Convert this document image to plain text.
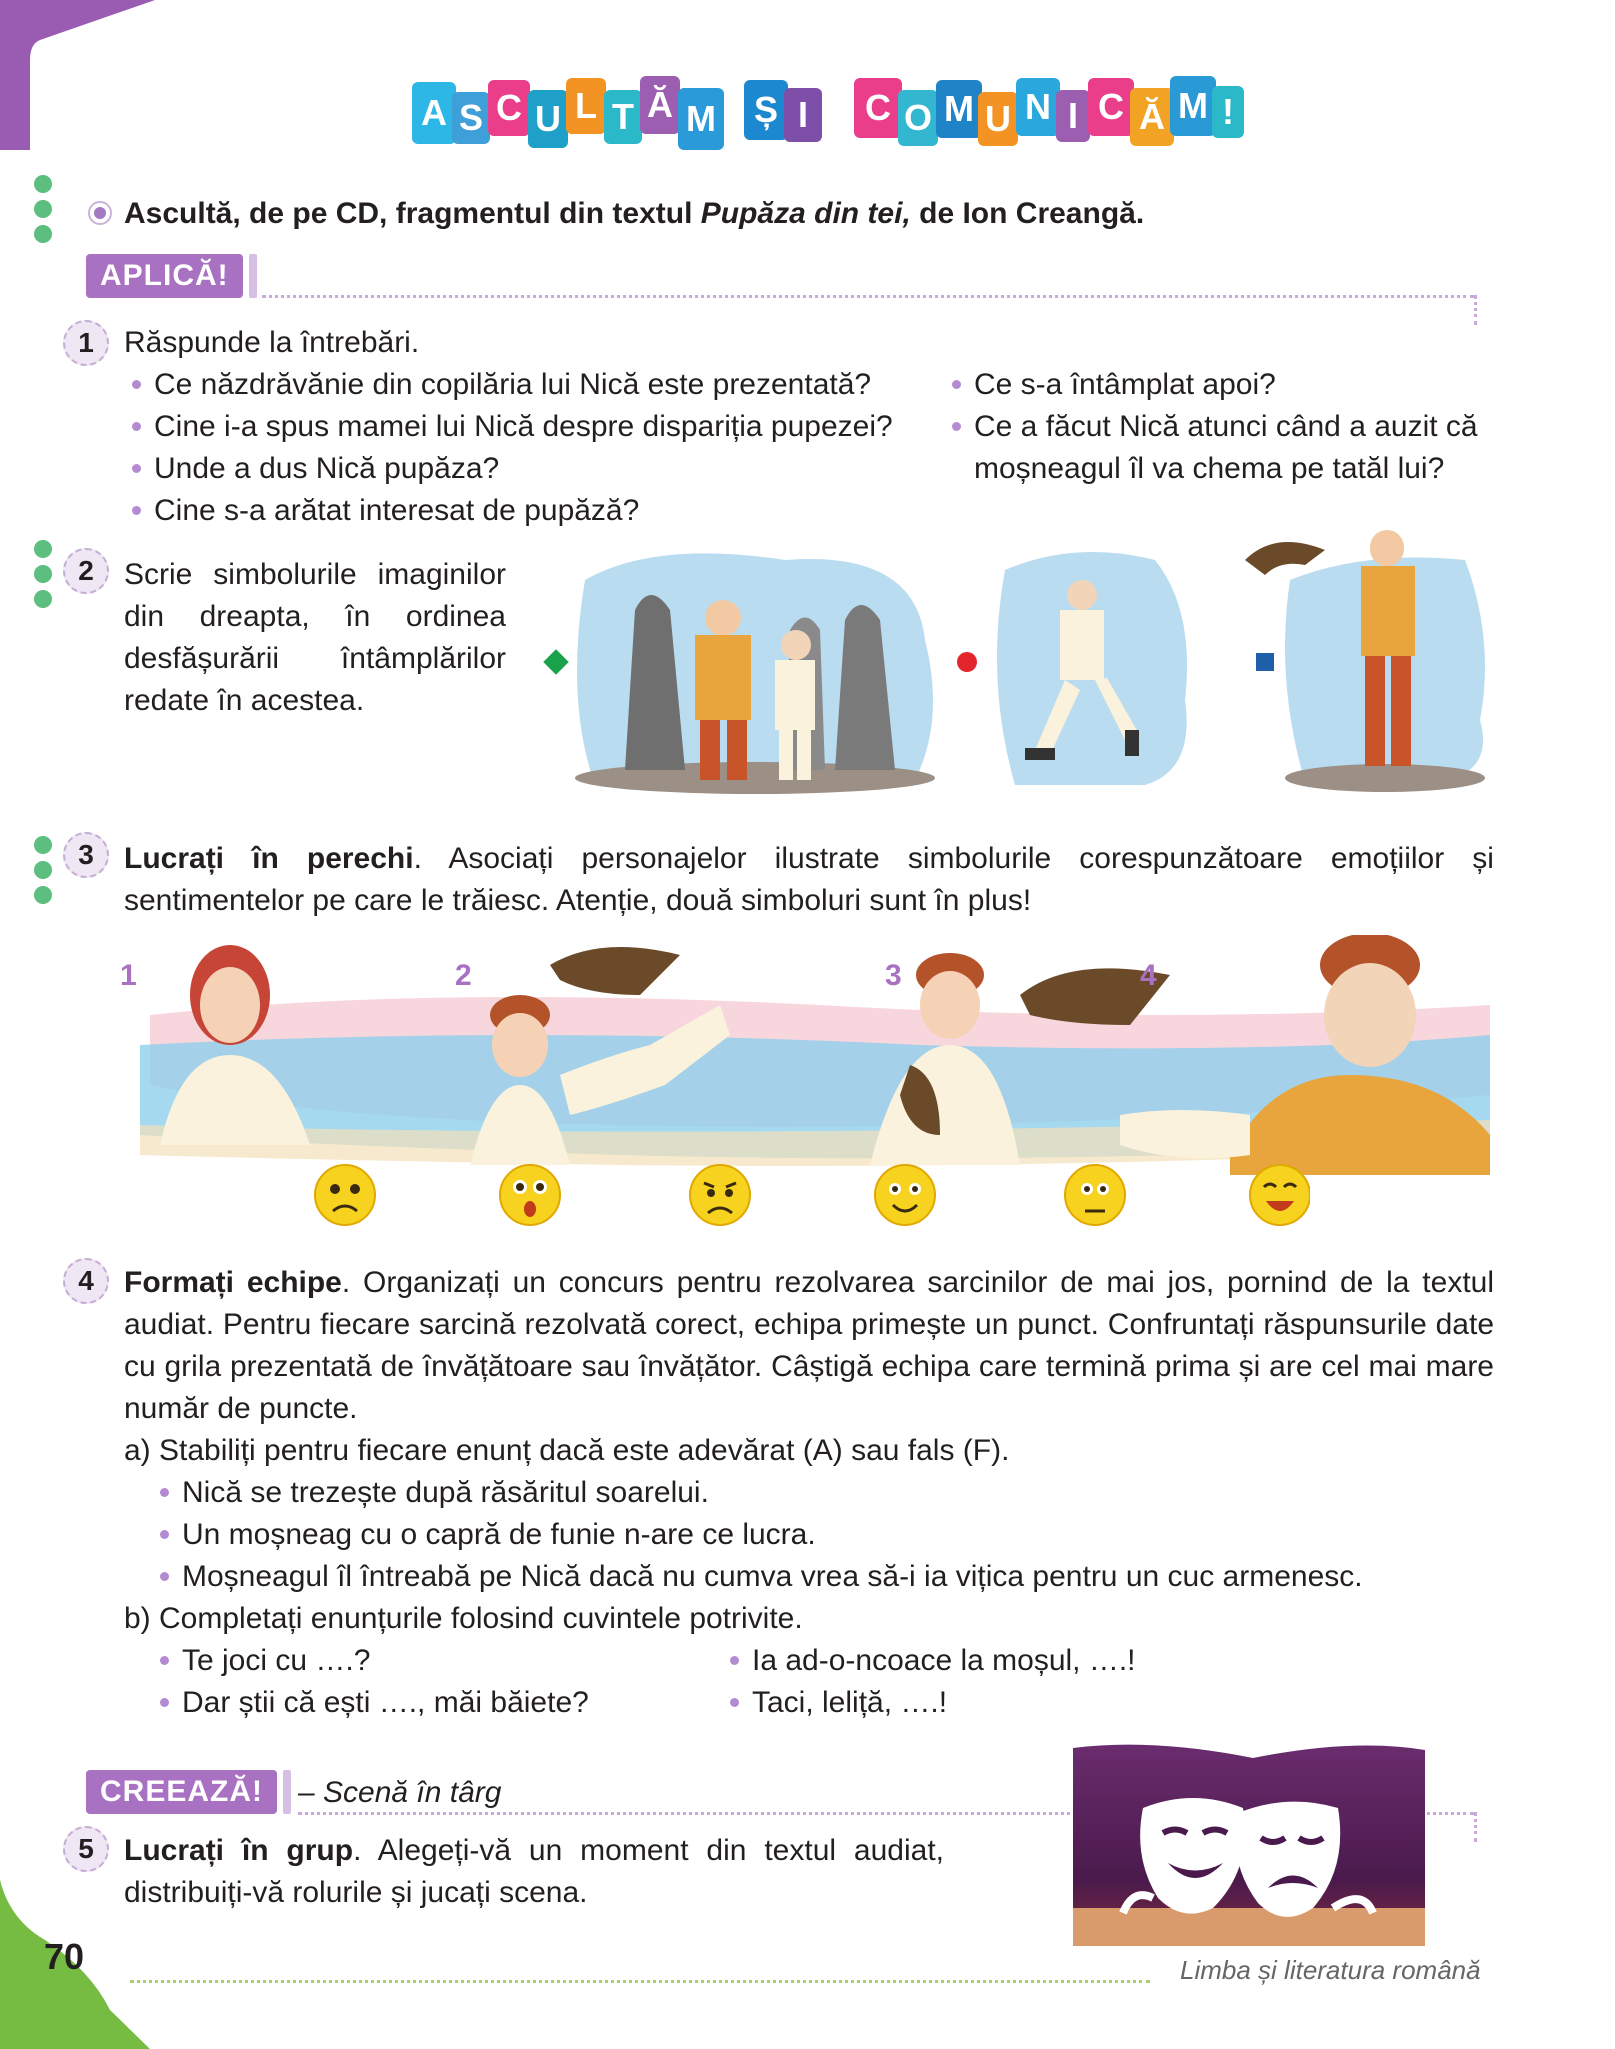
A S C U L T Ă M Ș I	C O M U N I C Ă M !
Ascultă, de pe CD, fragmentul din textul Pupăza din tei, de Ion Creangă.
APLICĂ!
1	Răspunde la întrebări.
Ce năzdrăvănie din copilăria lui Nică este prezentată?
Cine i-a spus mamei lui Nică despre dispariția pupezei?
Unde a dus Nică pupăza?
Cine s-a arătat interesat de pupăză?
Ce s-a întâmplat apoi?
Ce a făcut Nică atunci când a auzit că moșneagul îl va chema pe tatăl lui?
2	Scrie simbolurile imaginilor din dreapta, în ordinea desfășurării întâmplărilor redate în acestea.
3	Lucrați în perechi. Asociați personajelor ilustrate simbolurile corespunzătoare emoțiilor și sentimentelor pe care le trăiesc. Atenție, două simboluri sunt în plus!
1	2	3	4
4	Formați echipe. Organizați un concurs pentru rezolvarea sarcinilor de mai jos, pornind de la textul audiat. Pentru fiecare sarcină rezolvată corect, echipa primește un punct. Confruntați răspunsurile date cu grila prezentată de învățătoare sau învățător. Câștigă echipa care termină prima și are cel mai mare număr de puncte.
a) Stabiliți pentru fiecare enunț dacă este adevărat (A) sau fals (F).
Nică se trezește după răsăritul soarelui.
Un moșneag cu o capră de funie n-are ce lucra.
Moșneagul îl întreabă pe Nică dacă nu cumva vrea să-i ia vițica pentru un cuc armenesc.
b) Completați enunțurile folosind cuvintele potrivite.
Te joci cu ….?
Dar știi că ești …., măi băiete?
Ia ad-o-ncoace la moșul, ….!
Taci, leliță, ….!
CREEAZĂ!	– Scenă în târg
5	Lucrați în grup. Alegeți-vă un moment din textul audiat, distribuiți-vă rolurile și jucați scena.
70	Limba și literatura română
